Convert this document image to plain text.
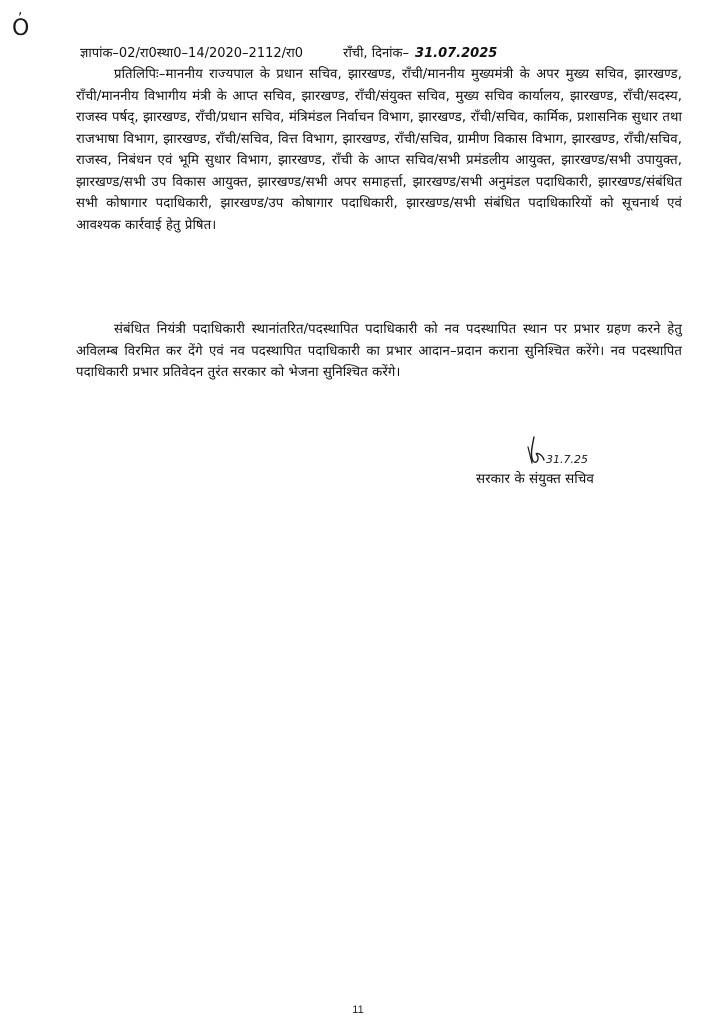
,
O
ज्ञापांक–02/रा0स्था0–14/2020–2112/रा0	राँची, दिनांक– 31.07.2025

प्रतिलिपिः–माननीय राज्यपाल के प्रधान सचिव, झारखण्ड, राँची/माननीय मुख्यमंत्री के अपर मुख्य सचिव, झारखण्ड, राँची/माननीय विभागीय मंत्री के आप्त सचिव, झारखण्ड, राँची/संयुक्त सचिव, मुख्य सचिव कार्यालय, झारखण्ड, राँची/सदस्य, राजस्व पर्षद्, झारखण्ड, राँची/प्रधान सचिव, मंत्रिमंडल निर्वाचन विभाग, झारखण्ड, राँची/सचिव, कार्मिक, प्रशासनिक सुधार तथा राजभाषा विभाग, झारखण्ड, राँची/सचिव, वित्त विभाग, झारखण्ड, राँची/सचिव, ग्रामीण विकास विभाग, झारखण्ड, राँची/सचिव, राजस्व, निबंधन एवं भूमि सुधार विभाग, झारखण्ड, राँची के आप्त सचिव/सभी प्रमंडलीय आयुक्त, झारखण्ड/सभी उपायुक्त, झारखण्ड/सभी उप विकास आयुक्त, झारखण्ड/सभी अपर समाहर्त्ता, झारखण्ड/सभी अनुमंडल पदाधिकारी, झारखण्ड/संबंधित सभी कोषागार पदाधिकारी, झारखण्ड/उप कोषागार पदाधिकारी, झारखण्ड/सभी संबंधित पदाधिकारियों को सूचनार्थ एवं आवश्यक कार्रवाई हेतु प्रेषित।

संबंधित नियंत्री पदाधिकारी स्थानांतरित/पदस्थापित पदाधिकारी को नव पदस्थापित स्थान पर प्रभार ग्रहण करने हेतु अविलम्ब विरमित कर देंगे एवं नव पदस्थापित पदाधिकारी का प्रभार आदान–प्रदान कराना सुनिश्चित करेंगे। नव पदस्थापित पदाधिकारी प्रभार प्रतिवेदन तुरंत सरकार को भेजना सुनिश्चित करेंगे।

31.7.25
सरकार के संयुक्त सचिव
11
